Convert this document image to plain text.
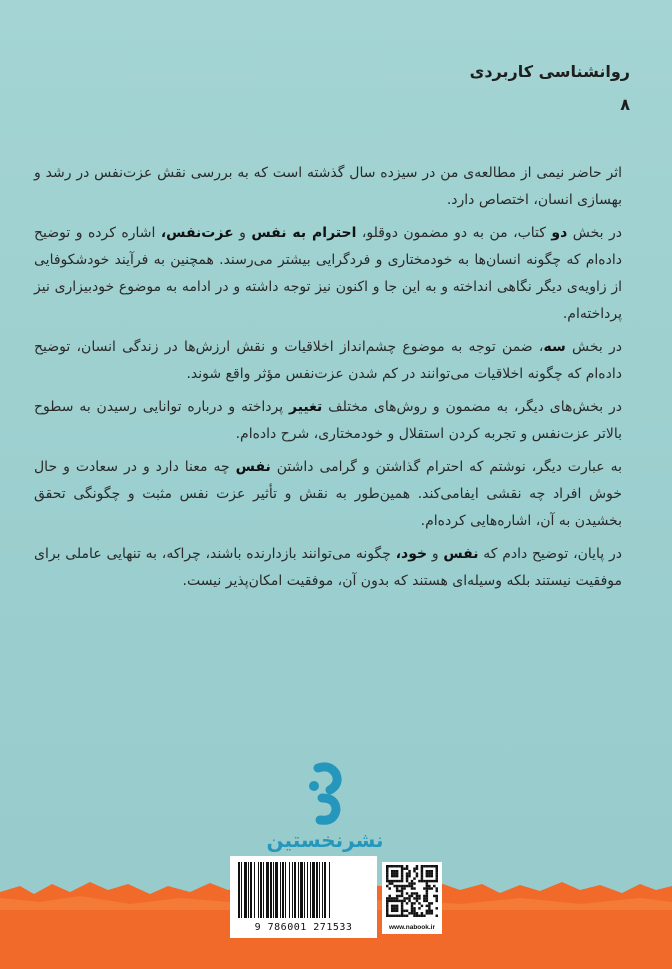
روانشناسی کاربردی
۸

اثر حاضر نیمی از مطالعه‌ی من در سیزده سال گذشته است که به بررسی نقش عزت‌نفس در رشد و بهسازی انسان، اختصاص دارد.

در بخش دو کتاب، من به دو مضمون دوقلو، احترام به نفس و عزت‌نفس، اشاره کرده و توضیح داده‌ام که چگونه انسان‌ها به خودمختاری و فردگرایی بیشتر می‌رسند. همچنین به فرآیند خودشکوفایی از زاویه‌ی دیگر نگاهی انداخته و به این جا و اکنون نیز توجه داشته و در ادامه به موضوع خودبیزاری نیز پرداخته‌ام.

در بخش سه، ضمن توجه به موضوع چشم‌انداز اخلاقیات و نقش ارزش‌ها در زندگی انسان، توضیح داده‌ام که چگونه اخلاقیات می‌توانند در کم شدن عزت‌نفس مؤثر واقع شوند.

در بخش‌های دیگر، به مضمون و روش‌های مختلف تغییر پرداخته و درباره توانایی رسیدن به سطوح بالاتر عزت‌نفس و تجربه کردن استقلال و خودمختاری، شرح داده‌ام.

به عبارت دیگر، نوشتم که احترام گذاشتن و گرامی داشتن نفس چه معنا دارد و در سعادت و حال خوش افراد چه نقشی ایفامی‌کند. همین‌طور به نقش و تأثیر عزت نفس مثبت و چگونگی تحقق بخشیدن به آن، اشاره‌هایی کرده‌ام.

در پایان، توضیح دادم که نفس و خود، چگونه می‌توانند بازدارنده باشند، چراکه، به تنهایی عاملی برای موفقیت نیستند بلکه وسیله‌ای هستند که بدون آن، موفقیت امکان‌پذیر نیست.

نشرنخستین
9 786001 271533	www.nabook.ir
